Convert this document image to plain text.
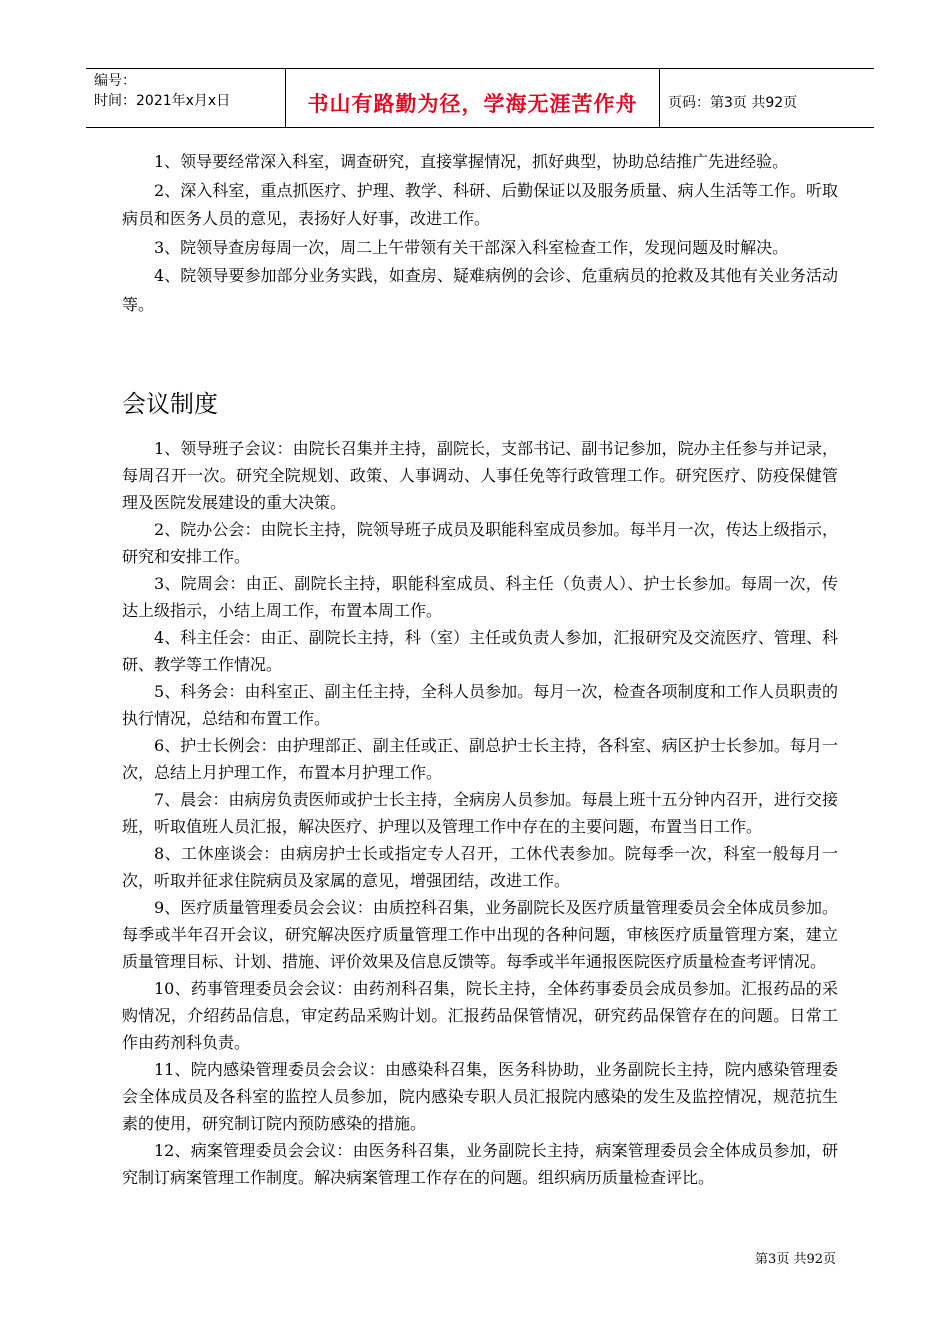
编号：
时间：2021年x月x日	书山有路勤为径，学海无涯苦作舟	页码：第3页 共92页

1、领导要经常深入科室，调查研究，直接掌握情况，抓好典型，协助总结推广先进经验。

2、深入科室，重点抓医疗、护理、教学、科研、后勤保证以及服务质量、病人生活等工作。听取病员和医务人员的意见，表扬好人好事，改进工作。

3、院领导查房每周一次，周二上午带领有关干部深入科室检查工作，发现问题及时解决。

4、院领导要参加部分业务实践，如查房、疑难病例的会诊、危重病员的抢救及其他有关业务活动等。

会议制度

1、领导班子会议：由院长召集并主持，副院长，支部书记、副书记参加，院办主任参与并记录，每周召开一次。研究全院规划、政策、人事调动、人事任免等行政管理工作。研究医疗、防疫保健管理及医院发展建设的重大决策。

2、院办公会：由院长主持，院领导班子成员及职能科室成员参加。每半月一次，传达上级指示，研究和安排工作。

3、院周会：由正、副院长主持，职能科室成员、科主任（负责人）、护士长参加。每周一次，传达上级指示，小结上周工作，布置本周工作。

4、科主任会：由正、副院长主持，科（室）主任或负责人参加，汇报研究及交流医疗、管理、科研、教学等工作情况。

5、科务会：由科室正、副主任主持，全科人员参加。每月一次，检查各项制度和工作人员职责的执行情况，总结和布置工作。

6、护士长例会：由护理部正、副主任或正、副总护士长主持，各科室、病区护士长参加。每月一次，总结上月护理工作，布置本月护理工作。

7、晨会：由病房负责医师或护士长主持，全病房人员参加。每晨上班十五分钟内召开，进行交接班，听取值班人员汇报，解决医疗、护理以及管理工作中存在的主要问题，布置当日工作。

8、工休座谈会：由病房护士长或指定专人召开，工休代表参加。院每季一次，科室一般每月一次，听取并征求住院病员及家属的意见，增强团结，改进工作。

9、医疗质量管理委员会会议：由质控科召集，业务副院长及医疗质量管理委员会全体成员参加。每季或半年召开会议，研究解决医疗质量管理工作中出现的各种问题，审核医疗质量管理方案，建立质量管理目标、计划、措施、评价效果及信息反馈等。每季或半年通报医院医疗质量检查考评情况。

10、药事管理委员会会议：由药剂科召集，院长主持，全体药事委员会成员参加。汇报药品的采购情况，介绍药品信息，审定药品采购计划。汇报药品保管情况，研究药品保管存在的问题。日常工作由药剂科负责。

11、院内感染管理委员会会议：由感染科召集，医务科协助，业务副院长主持，院内感染管理委会全体成员及各科室的监控人员参加，院内感染专职人员汇报院内感染的发生及监控情况，规范抗生素的使用，研究制订院内预防感染的措施。

12、病案管理委员会会议：由医务科召集，业务副院长主持，病案管理委员会全体成员参加，研究制订病案管理工作制度。解决病案管理工作存在的问题。组织病历质量检查评比。

第3页 共92页
